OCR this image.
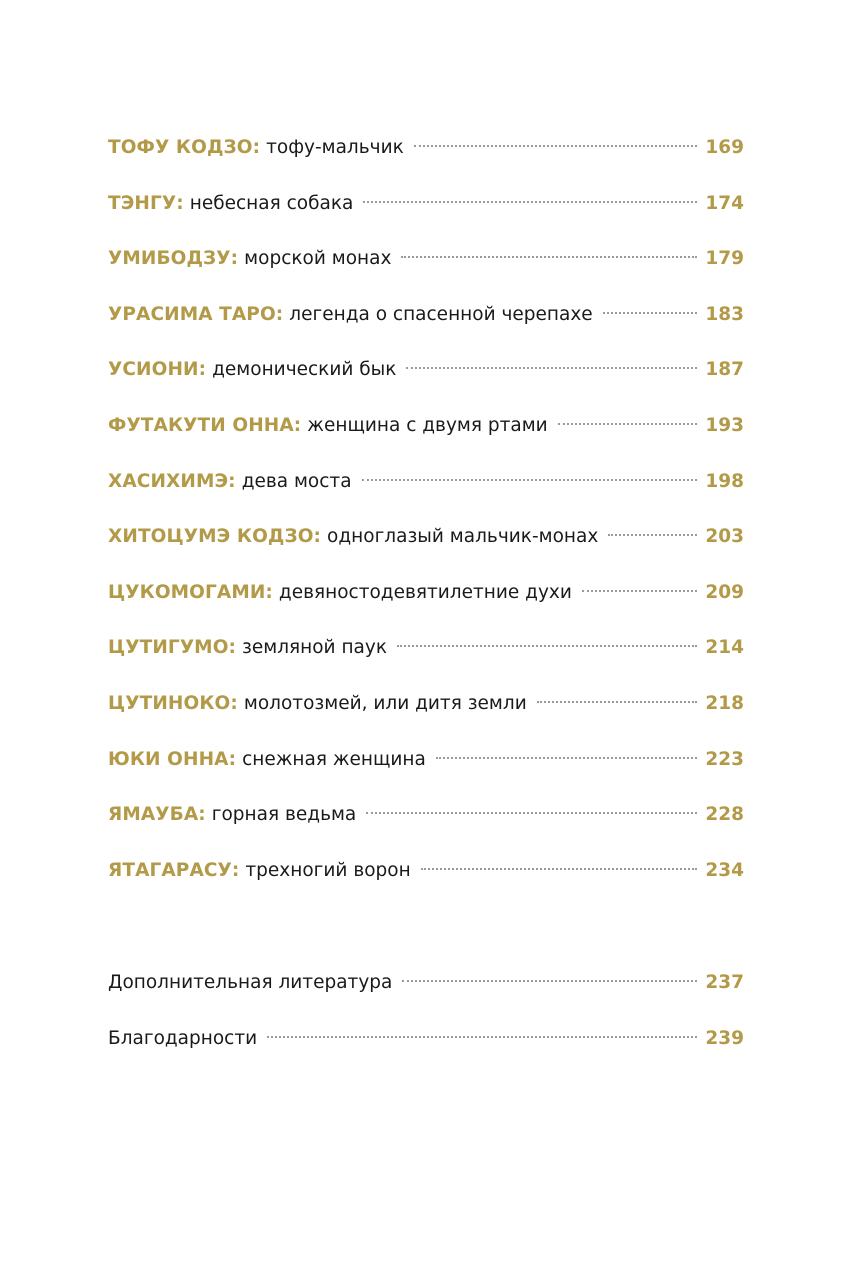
ТОФУ КОДЗО: тофу-мальчик	169
ТЭНГУ: небесная собака	174
УМИБОДЗУ: морской монах	179
УРАСИМА ТАРО: легенда о спасенной черепахе	183
УСИОНИ: демонический бык	187
ФУТАКУТИ ОННА: женщина с двумя ртами	193
ХАСИХИМЭ: дева моста	198
ХИТОЦУМЭ КОДЗО: одноглазый мальчик-монах	203
ЦУКОМОГАМИ: девяностодевятилетние духи	209
ЦУТИГУМО: земляной паук	214
ЦУТИНОКО: молотозмей, или дитя земли	218
ЮКИ ОННА: снежная женщина	223
ЯМАУБА: горная ведьма	228
ЯТАГАРАСУ: трехногий ворон	234
Дополнительная литература	237
Благодарности	239
